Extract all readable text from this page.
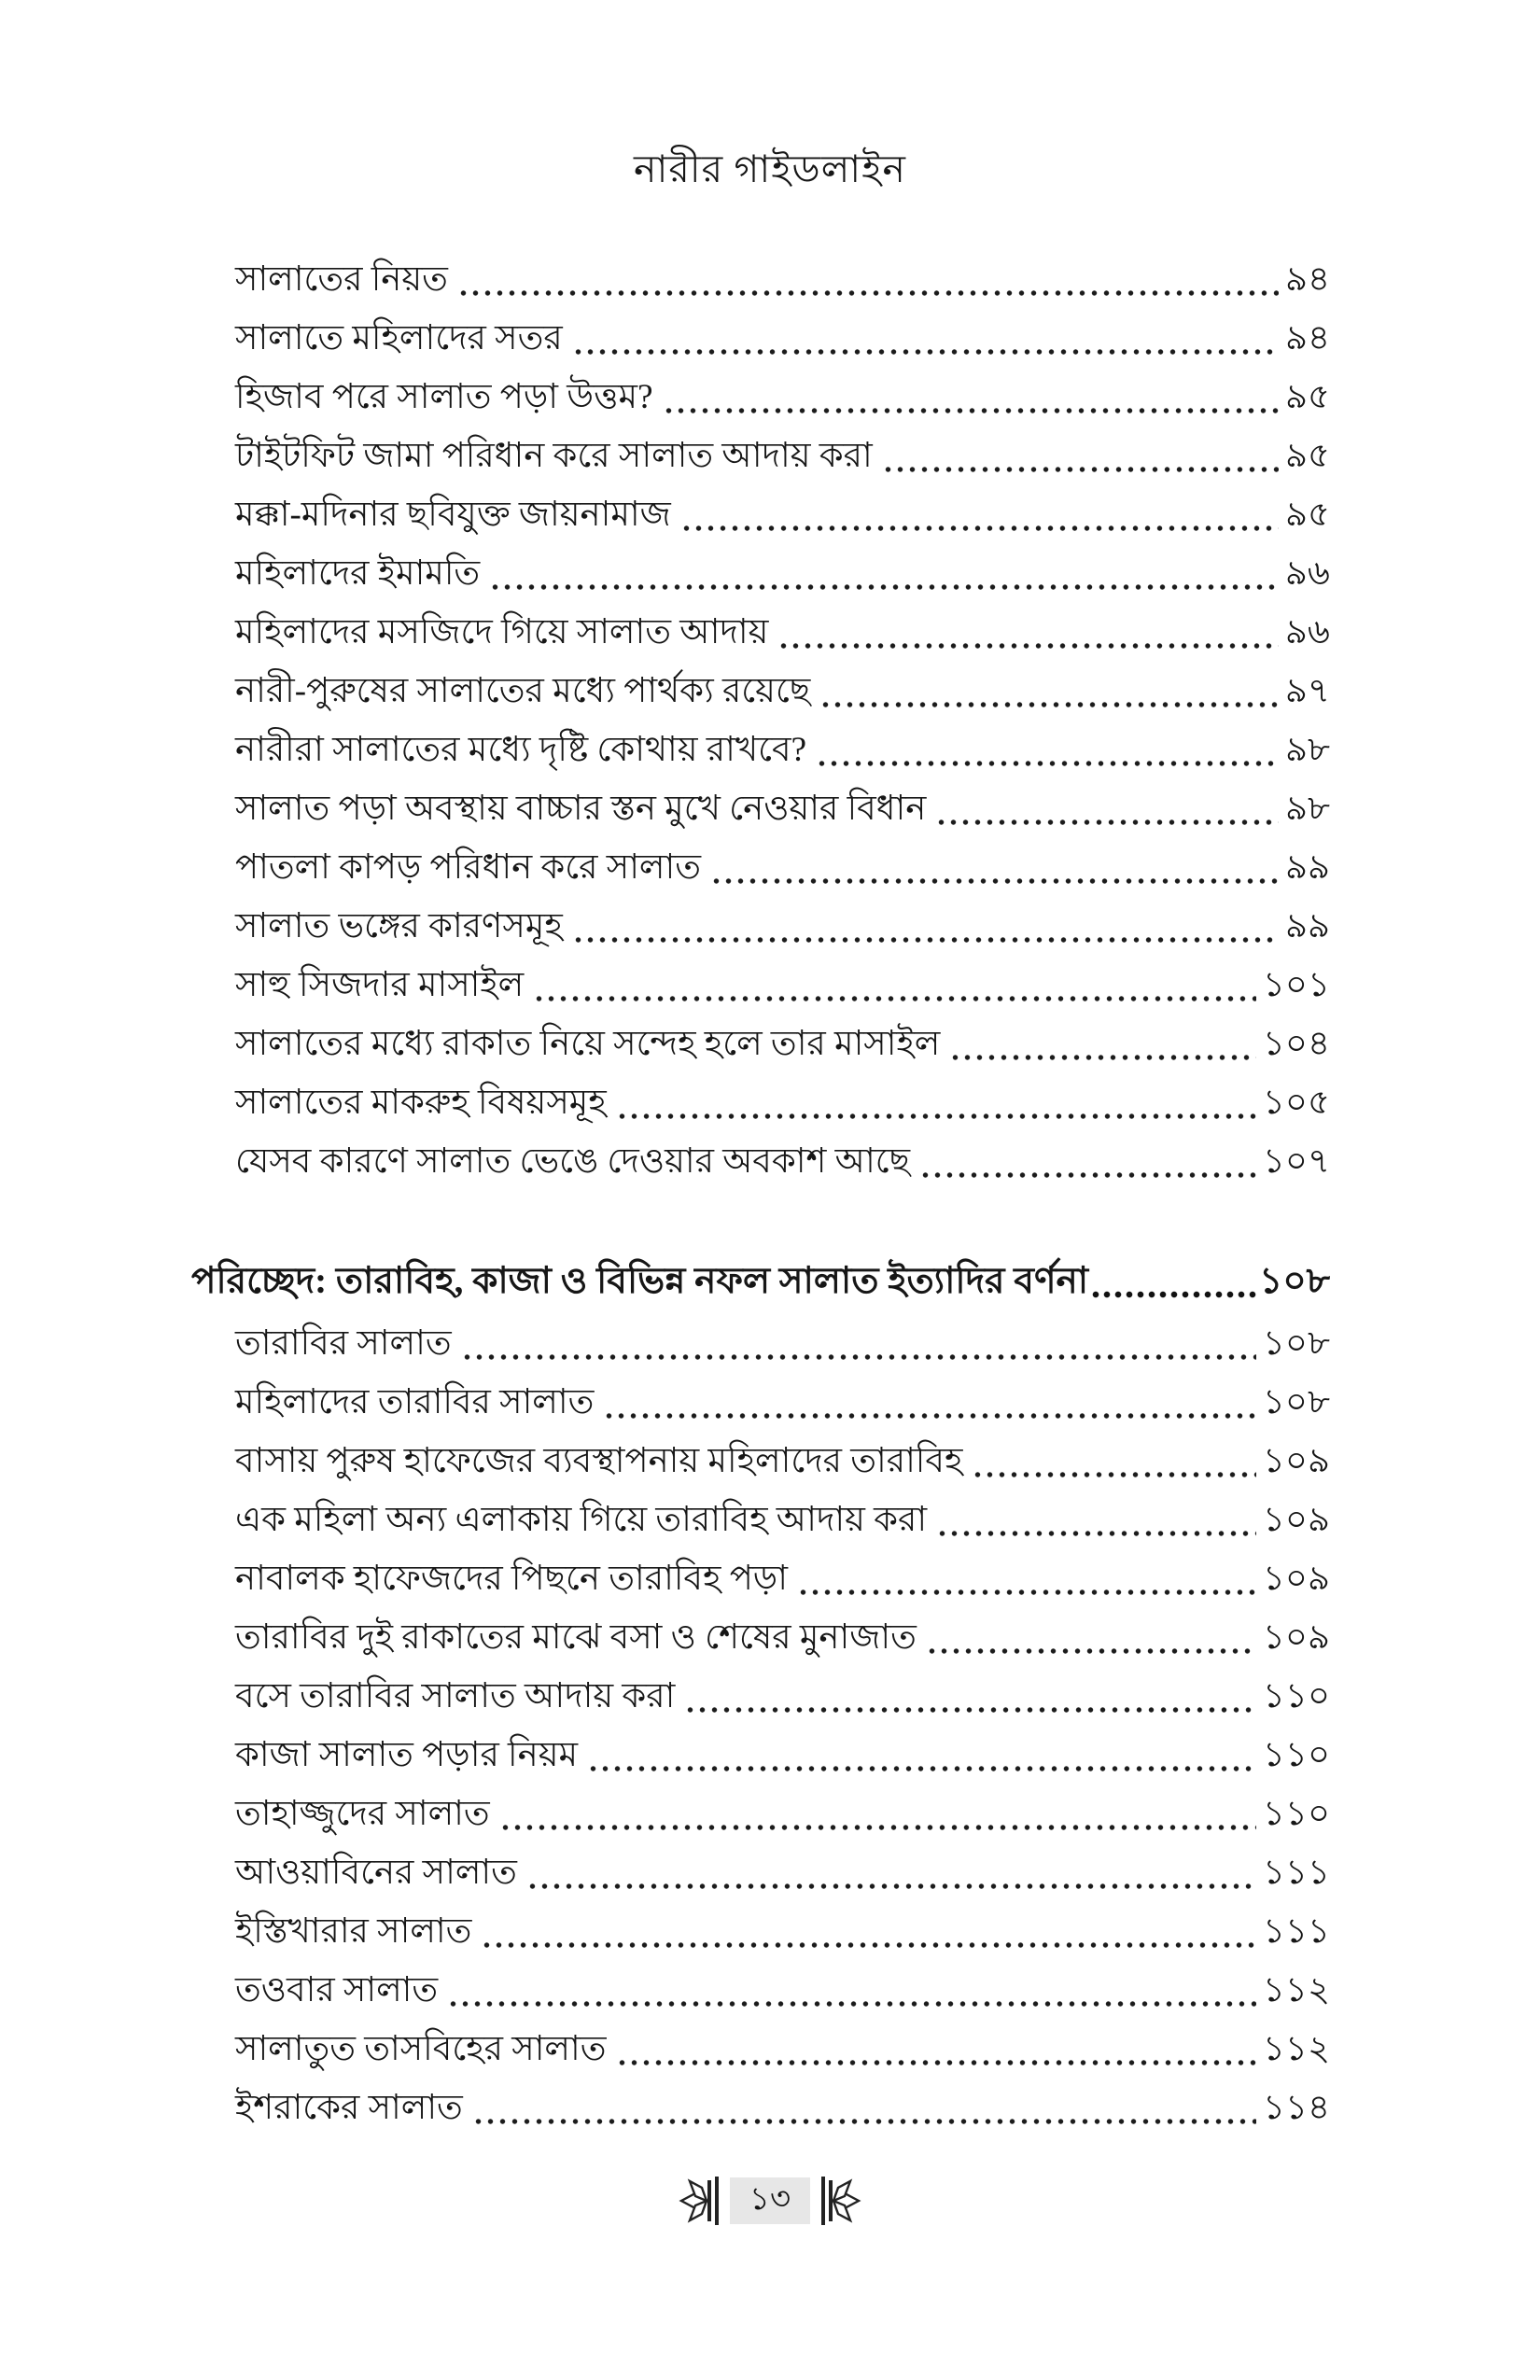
নারীর গাইডলাইন
সালাতের নিয়ত	৯৪
সালাতে মহিলাদের সতর	৯৪
হিজাব পরে সালাত পড়া উত্তম?	৯৫
টাইটফিট জামা পরিধান করে সালাত আদায় করা	৯৫
মক্কা-মদিনার ছবিযুক্ত জায়নামাজ	৯৫
মহিলাদের ইমামতি	৯৬
মহিলাদের মসজিদে গিয়ে সালাত আদায়	৯৬
নারী-পুরুষের সালাতের মধ্যে পার্থক্য রয়েছে	৯৭
নারীরা সালাতের মধ্যে দৃষ্টি কোথায় রাখবে?	৯৮
সালাত পড়া অবস্থায় বাচ্চার স্তন মুখে নেওয়ার বিধান	৯৮
পাতলা কাপড় পরিধান করে সালাত	৯৯
সালাত ভঙ্গের কারণসমূহ	৯৯
সাহু সিজদার মাসাইল	১০১
সালাতের মধ্যে রাকাত নিয়ে সন্দেহ হলে তার মাসাইল	১০৪
সালাতের মাকরুহ বিষয়সমূহ	১০৫
যেসব কারণে সালাত ভেঙে দেওয়ার অবকাশ আছে	১০৭
পরিচ্ছেদ: তারাবিহ, কাজা ও বিভিন্ন নফল সালাত ইত্যাদির বর্ণনা	১০৮
তারাবির সালাত	১০৮
মহিলাদের তারাবির সালাত	১০৮
বাসায় পুরুষ হাফেজের ব্যবস্থাপনায় মহিলাদের তারাবিহ	১০৯
এক মহিলা অন্য এলাকায় গিয়ে তারাবিহ আদায় করা	১০৯
নাবালক হাফেজদের পিছনে তারাবিহ পড়া	১০৯
তারাবির দুই রাকাতের মাঝে বসা ও শেষের মুনাজাত	১০৯
বসে তারাবির সালাত আদায় করা	১১০
কাজা সালাত পড়ার নিয়ম	১১০
তাহাজ্জুদের সালাত	১১০
আওয়াবিনের সালাত	১১১
ইস্তিখারার সালাত	১১১
তওবার সালাত	১১২
সালাতুত তাসবিহের সালাত	১১২
ইশরাকের সালাত	১১৪
১৩
